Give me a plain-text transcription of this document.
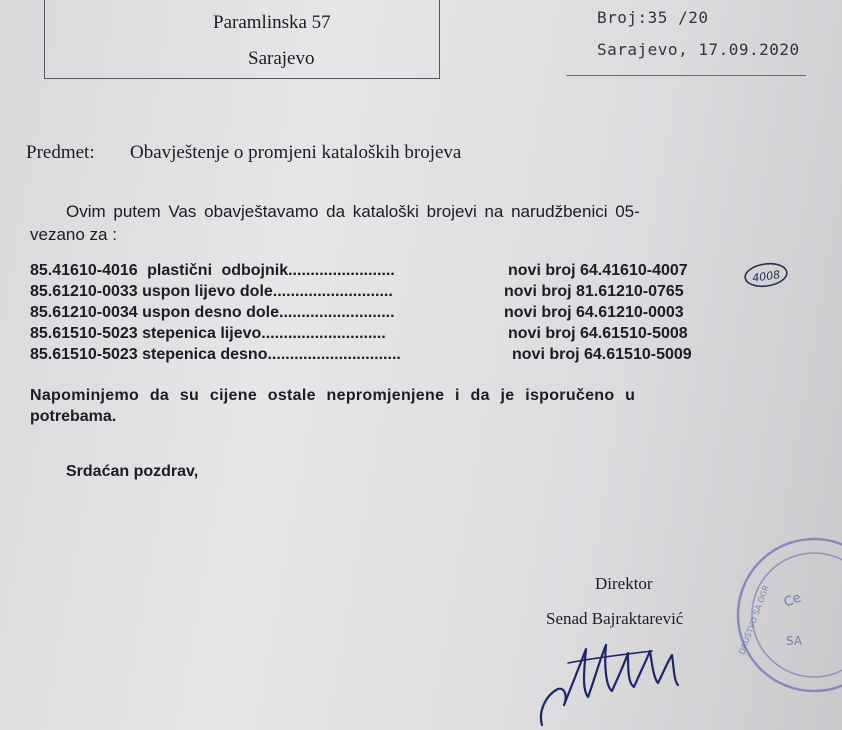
Paramlinska 57
Sarajevo
Broj:35 /20
Sarajevo, 17.09.2020
Predmet: Obavještenje o promjeni kataloških brojeva
Ovim putem Vas obavještavamo da kataloški brojevi na narudžbenici 05-
vezano za :
85.41610-4016 plastični odbojnik........................	novi broj 64.41610-4007
85.61210-0033 uspon lijevo dole...........................	novi broj 81.61210-0765
85.61210-0034 uspon desno dole..........................	novi broj 64.61210-0003
85.61510-5023 stepenica lijevo............................	novi broj 64.61510-5008
85.61510-5023 stepenica desno..............................	novi broj 64.61510-5009
4008
Napominjemo da su cijene ostale nepromjenjene i da je isporučeno u
potrebama.
Srdaćan pozdrav,
Direktor
Senad Bajraktarević
Ce
SA
DRUŠTVO SA OGR
